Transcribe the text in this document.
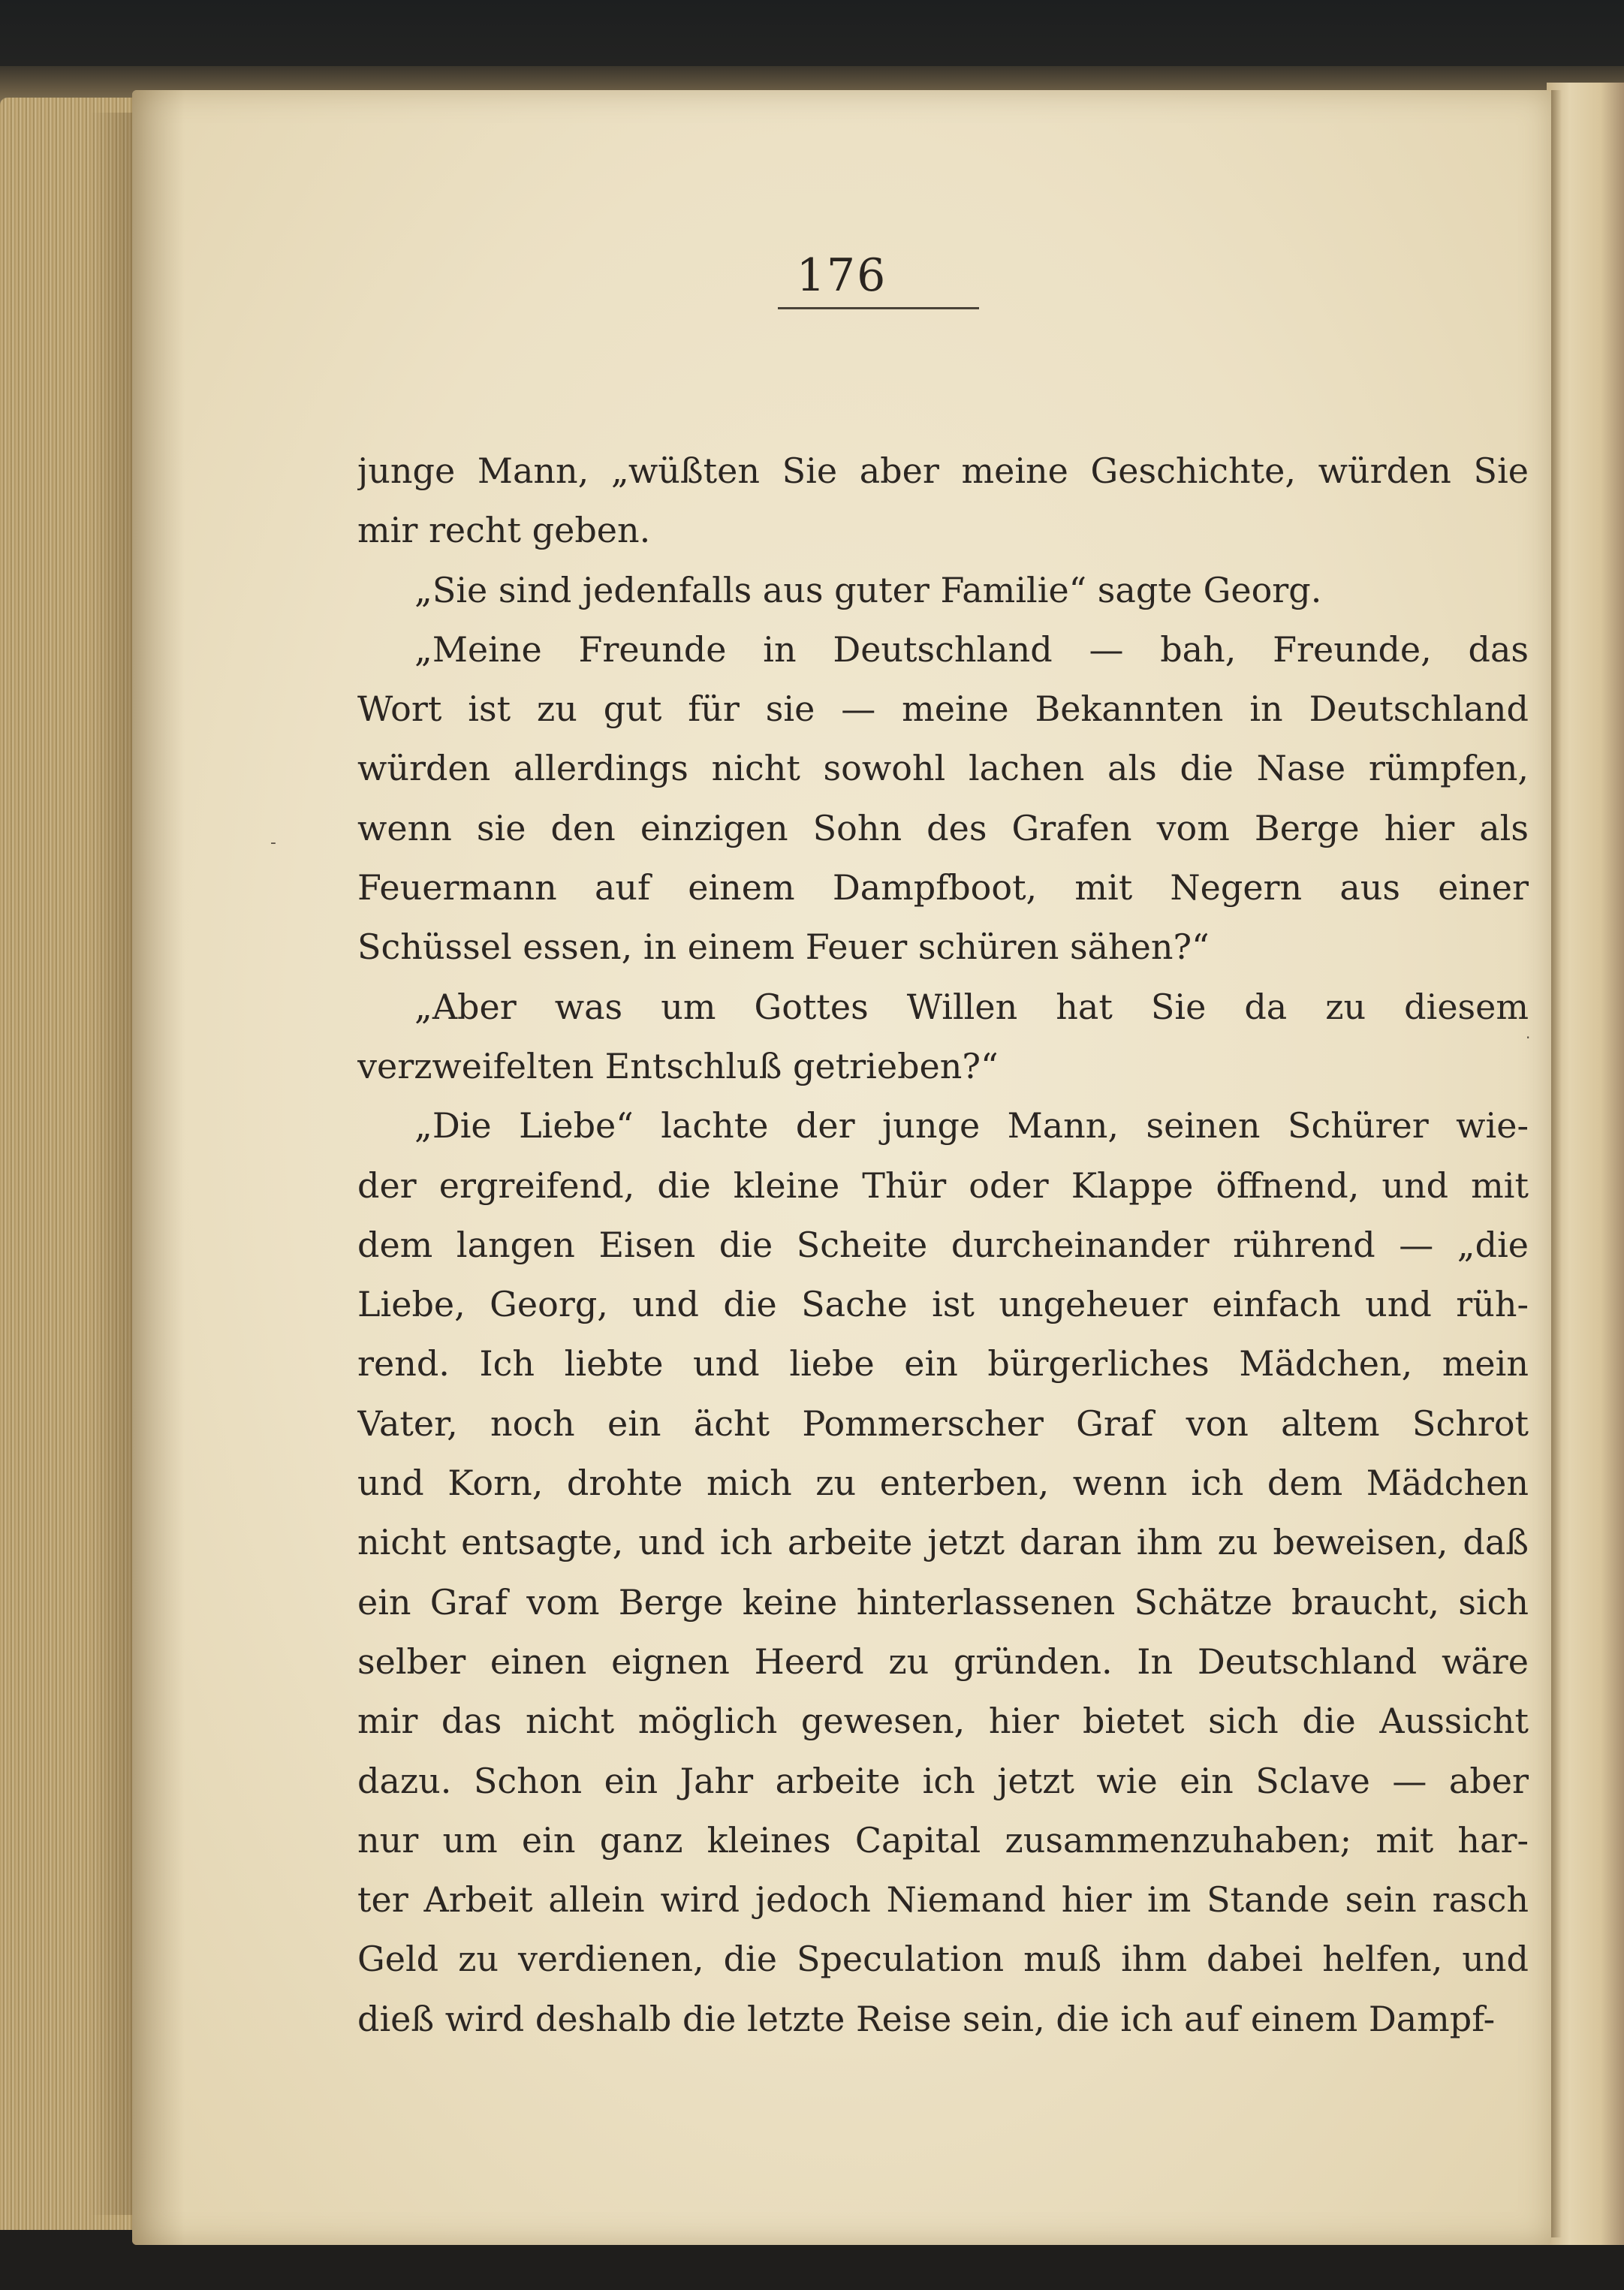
176
junge Mann, „wüßten Sie aber meine Geschichte, würden Sie
mir recht geben.
„Sie sind jedenfalls aus guter Familie“ sagte Georg.
„Meine Freunde in Deutschland — bah, Freunde, das
Wort ist zu gut für sie — meine Bekannten in Deutschland
würden allerdings nicht sowohl lachen als die Nase rümpfen,
wenn sie den einzigen Sohn des Grafen vom Berge hier als
Feuermann auf einem Dampfboot, mit Negern aus einer
Schüssel essen, in einem Feuer schüren sähen?“
„Aber was um Gottes Willen hat Sie da zu diesem
verzweifelten Entschluß getrieben?“
„Die Liebe“ lachte der junge Mann, seinen Schürer wie-
der ergreifend, die kleine Thür oder Klappe öffnend, und mit
dem langen Eisen die Scheite durcheinander rührend — „die
Liebe, Georg, und die Sache ist ungeheuer einfach und rüh-
rend. Ich liebte und liebe ein bürgerliches Mädchen, mein
Vater, noch ein ächt Pommerscher Graf von altem Schrot
und Korn, drohte mich zu enterben, wenn ich dem Mädchen
nicht entsagte, und ich arbeite jetzt daran ihm zu beweisen, daß
ein Graf vom Berge keine hinterlassenen Schätze braucht, sich
selber einen eignen Heerd zu gründen. In Deutschland wäre
mir das nicht möglich gewesen, hier bietet sich die Aussicht
dazu. Schon ein Jahr arbeite ich jetzt wie ein Sclave — aber
nur um ein ganz kleines Capital zusammenzuhaben; mit har-
ter Arbeit allein wird jedoch Niemand hier im Stande sein rasch
Geld zu verdienen, die Speculation muß ihm dabei helfen, und
dieß wird deshalb die letzte Reise sein, die ich auf einem Dampf-
-
·
